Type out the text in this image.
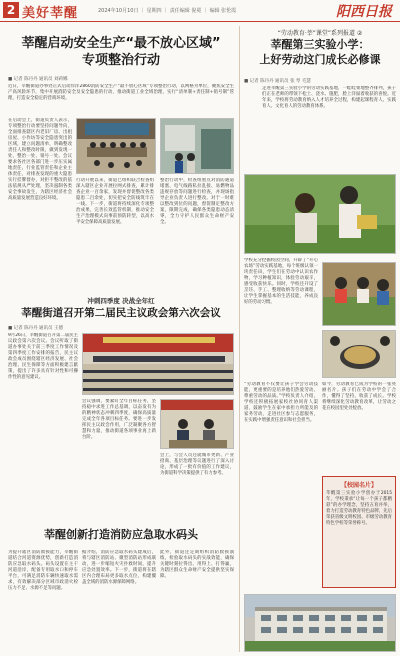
2 美好莘醒	2024年10月10日 ｜ 星期四 ｜ 责任编辑 倪冕 ｜ 编辑 张伦霞	阳西日报
莘醒启动安全生产“最不放心区域”
专项整治行动
■ 记者 陈丹丹 通讯员 刘莉娜
近日，莘醒街道办事处正式启动岸洋2860消防安全生产“最不放心区域”专项整治行动，以网格为单位，聚焦安全生产高风险环节，集中开展消防安全及安全隐患的行动，推动街道工业全域治理，实行“清单制+责任制+销号制”管理，打造安全稳定的营商环境。
在启动会上，街道负责人表示，专项整治行动要坚持问题导向，全面排查辖区内老旧厂房、出租房屋、小作坊等安全隐患突出的区域，建立问题清单，明确整改责任人和整改时限，做到发现一处、整治一处、销号一处。会议要求各社区各部门进一步压实属地责任、行业监管责任和企业主体责任，对排查发现的重大隐患实行挂牌督办，对拒不整改的依法依规从严处理，坚决遏制各类安全事故发生，为辖区经济社会高质量发展营造良好环境。
行动开展以来，街道已组织联合检查组深入辖区企业开展拉网式排查，累计排查企业一百余家，发现并督促整改各类隐患二百余处，切实把安全防线筑牢在一线。下一步，街道将持续深化专项整治成果，完善长效监管机制，推动安全生产治理模式向事前预防转型，以高水平安全保障高质量发展。
整治行动中，检查组重点对消防通道堵塞、电气线路私拉乱接、易燃物品违规存放等问题进行检查，并现场指导企业负责人进行整改。对于一时难以整改到位的问题，督促制定整改方案，限期完成，确保各类隐患动态清零，全力守护人民群众生命财产安全。
冲刺四季度 决战全年红
莘醒街道召开第二届民主议政会第六次会议
■ 记者 陈丹丹 通讯员 王德
9月26日，莘醒街道召开第二届民主议政会第六次会议。会议听取了街道办事处关于前三季度工作情况及第四季度工作安排的报告，民主议政会成员围绕辖区经济发展、社会治理、民生保障等方面积极建言献策，提出了许多具有针对性和可操作性的意见建议。
会议强调，要紧盯全年目标任务，坚持稳中求进工作总基调，以奋发有为的精神状态冲刺四季度，确保高质量完成全年各项目标任务。要进一步发挥民主议政会作用，广泛凝聚各方智慧和力量，推动街道各项事业再上新台阶。
会上，与会人员还就城市更新、产业招商、基层治理等议题进行了深入讨论，形成了一批有价值的工作建议，为街道科学决策提供了有力参考。
莘醒创新打造消防应急取水码头
为提升辖区消防救援能力，莘醒街道结合河道资源优势，创新打造消防应急取水码头。码头设置在主干河道沿岸，配备专用取水口和停车平台，可满足消防车辆快速取水需求，有效解决部分区域市政消火栓压力不足、水源不足等问题。
据介绍，消防应急取水码头建成后，将与辖区消防站、微型消防站形成联动，进一步缩短火灾扑救时间，提升应急处置效率。下一步，街道将在辖区内合理布局更多取水点位，构建覆盖全域的消防水源保障网络。
此外，街道还定期组织消防救援演练，检验取水码头的实战效能，确保关键时刻拉得出、用得上、打得赢，为辖区群众生命财产安全提供坚实保障。
“劳动教育·莘”课堂”系列报道 ②
莘醒第三实验小学：
上好劳动这门成长必修课
■ 记者 陈丹丹 通讯员 张 琴 毛慧
走进莘醒第三实验小学的劳动实践基地，一畦畦菜地整齐排列，孩子们正在老师的带领下松土、浇水、施肥，脸上洋溢着收获的喜悦。近年来，学校将劳动教育纳入人才培养全过程，构建起课程育人、实践育人、文化育人的劳动教育体系。
学校充分挖掘校园空间，开辟了“开心农场”劳动实践基地，每个班级认领一块责任田，学生们在劳动中认识农作物，学习种植知识，体验劳动艰辛，感受收获快乐。同时，学校还开设了烹饪、手工、整理收纳等劳动课程，让学生掌握基本的生活技能，养成良好的劳动习惯。
“劳动教育不仅要让孩子学会劳动技能，更重要的是培养他们热爱劳动、尊重劳动的品质。”学校负责人介绍，学校还积极拓展家校社协同育人渠道，鼓励学生在家中承担力所能及的家务劳动，走进社区参与志愿服务，在实践中增强责任意识和社会担当。
如今，劳动教育已成为学校的一张亮丽名片。孩子们在劳动中学会了合作，懂得了坚持，收获了成长。学校将继续深化劳动教育改革，让劳动之花在校园里处处绽放。
【校园名片】
莘醒第三实验小学创办于2015年，学校秉承“让每一个孩子都精彩”的办学理念，坚持五育并举，着力打造劳动教育特色品牌，先后荣获省级文明校园、市级劳动教育特色学校等荣誉称号。
